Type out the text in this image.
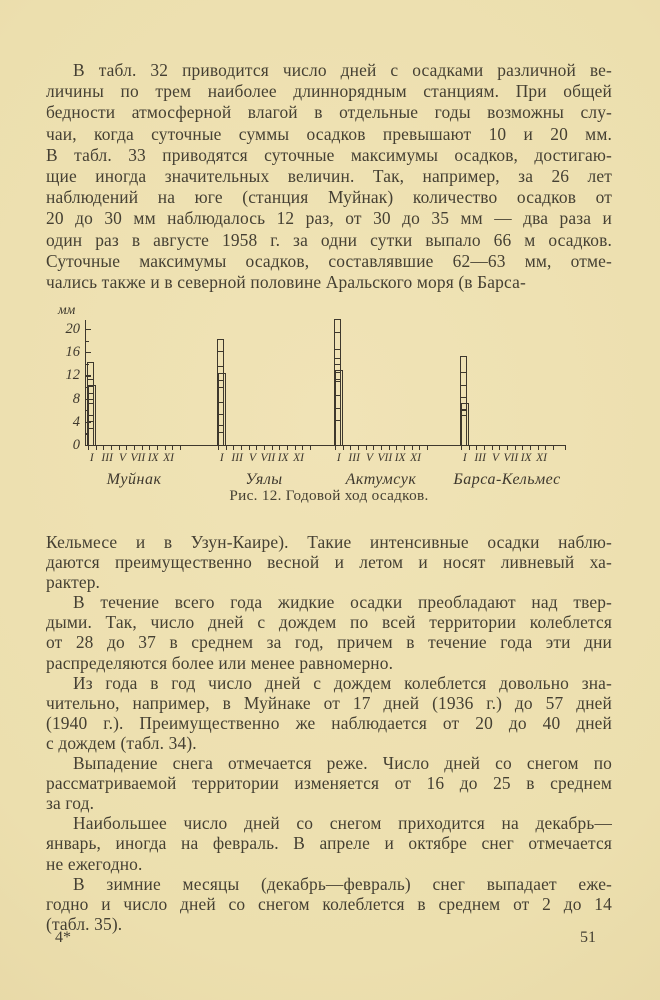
В табл. 32 приводится число дней с осадками различной ве-
личины по трем наиболее длиннорядным станциям. При общей
бедности атмосферной влагой в отдельные годы возможны слу-
чаи, когда суточные суммы осадков превышают 10 и 20 мм.
В табл. 33 приводятся суточные максимумы осадков, достигаю-
щие иногда значительных величин. Так, например, за 26 лет
наблюдений на юге (станция Муйнак) количество осадков от
20 до 30 мм наблюдалось 12 раз, от 30 до 35 мм — два раза и
один раз в августе 1958 г. за одни сутки выпало 66 м осадков.
Суточные максимумы осадков, составлявшие 62—63 мм, отме-
чались также и в северной половине Аральского моря (в Барса-
мм
0
4
8
12
16
20
I III V VII IX XI
Муйнак
I III V VII IX XI
Уялы
I III V VII IX XI
Актумсук
I III V VII IX XI
Барса-Кельмес
Рис. 12. Годовой ход осадков.
Кельмесе и в Узун-Каире). Такие интенсивные осадки наблю-
даются преимущественно весной и летом и носят ливневый ха-
рактер.
В течение всего года жидкие осадки преобладают над твер-
дыми. Так, число дней с дождем по всей территории колеблется
от 28 до 37 в среднем за год, причем в течение года эти дни
распределяются более или менее равномерно.
Из года в год число дней с дождем колеблется довольно зна-
чительно, например, в Муйнаке от 17 дней (1936 г.) до 57 дней
(1940 г.). Преимущественно же наблюдается от 20 до 40 дней
с дождем (табл. 34).
Выпадение снега отмечается реже. Число дней со снегом по
рассматриваемой территории изменяется от 16 до 25 в среднем
за год.
Наибольшее число дней со снегом приходится на декабрь—
январь, иногда на февраль. В апреле и октябре снег отмечается
не ежегодно.
В зимние месяцы (декабрь—февраль) снег выпадает еже-
годно и число дней со снегом колеблется в среднем от 2 до 14
(табл. 35).
4*	51
